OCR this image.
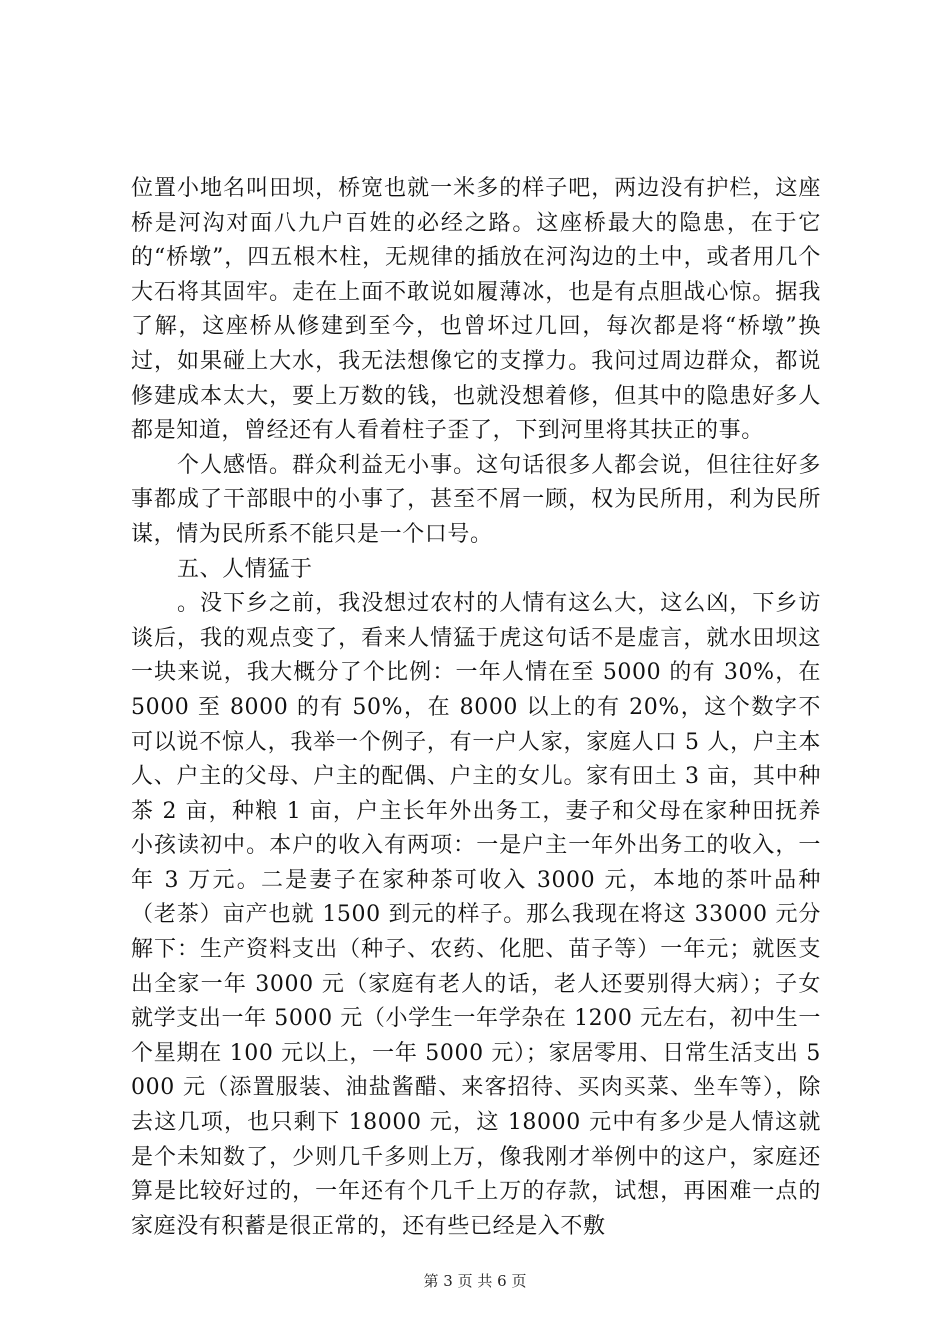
位置小地名叫田坝，桥宽也就一米多的样子吧，两边没有护栏，这座桥是河沟对面八九户百姓的必经之路。这座桥最大的隐患，在于它的“桥墩”，四五根木柱，无规律的插放在河沟边的土中，或者用几个大石将其固牢。走在上面不敢说如履薄冰，也是有点胆战心惊。据我了解，这座桥从修建到至今，也曾坏过几回，每次都是将“桥墩”换过，如果碰上大水，我无法想像它的支撑力。我问过周边群众，都说修建成本太大，要上万数的钱，也就没想着修，但其中的隐患好多人都是知道，曾经还有人看着柱子歪了，下到河里将其扶正的事。

个人感悟。群众利益无小事。这句话很多人都会说，但往往好多事都成了干部眼中的小事了，甚至不屑一顾，权为民所用，利为民所谋，情为民所系不能只是一个口号。

五、人情猛于

。没下乡之前，我没想过农村的人情有这么大，这么凶，下乡访谈后，我的观点变了，看来人情猛于虎这句话不是虚言，就水田坝这一块来说，我大概分了个比例：一年人情在至 5000 的有 30%，在 5000 至 8000 的有 50%，在 8000 以上的有 20%，这个数字不可以说不惊人，我举一个例子，有一户人家，家庭人口 5 人，户主本人、户主的父母、户主的配偶、户主的女儿。家有田土 3 亩，其中种茶 2 亩，种粮 1 亩，户主长年外出务工，妻子和父母在家种田抚养小孩读初中。本户的收入有两项：一是户主一年外出务工的收入，一年 3 万元。二是妻子在家种茶可收入 3000 元，本地的茶叶品种（老茶）亩产也就 1500 到元的样子。那么我现在将这 33000 元分解下：生产资料支出（种子、农药、化肥、苗子等）一年元；就医支出全家一年 3000 元（家庭有老人的话，老人还要别得大病）；子女就学支出一年 5000 元（小学生一年学杂在 1200 元左右，初中生一个星期在 100 元以上，一年 5000 元）；家居零用、日常生活支出 5000 元（添置服装、油盐酱醋、来客招待、买肉买菜、坐车等），除去这几项，也只剩下 18000 元，这 18000 元中有多少是人情这就是个未知数了，少则几千多则上万，像我刚才举例中的这户，家庭还算是比较好过的，一年还有个几千上万的存款，试想，再困难一点的家庭没有积蓄是很正常的，还有些已经是入不敷

第 3 页 共 6 页
